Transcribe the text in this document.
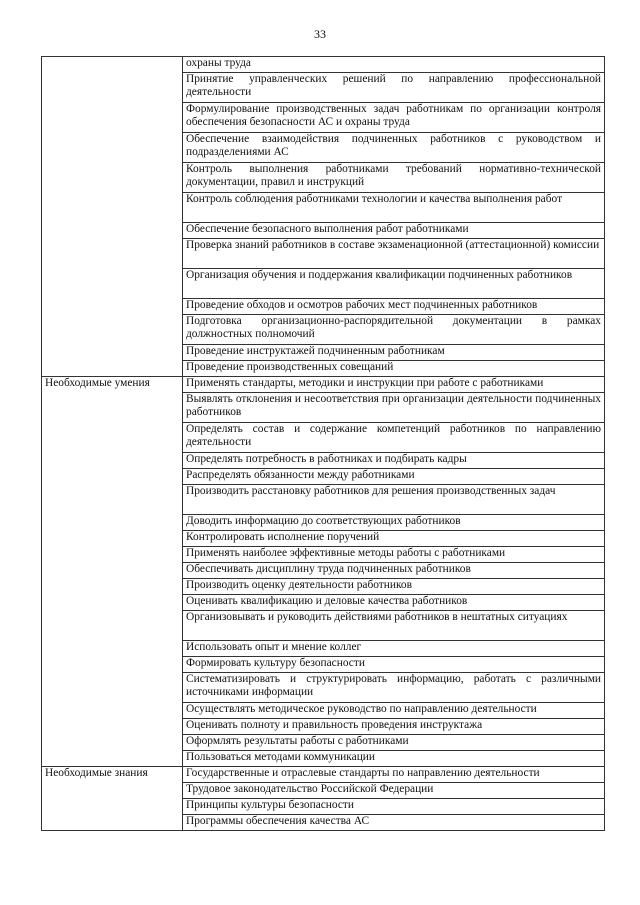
33
	охраны труда
	Принятие управленческих решений по направлению профессиональной деятельности
	Формулирование производственных задач работникам по организации контроля обеспечения безопасности АС и охраны труда
	Обеспечение взаимодействия подчиненных работников с руководством и подразделениями АС
	Контроль выполнения работниками требований нормативно-технической документации, правил и инструкций
	Контроль соблюдения работниками технологии и качества выполнения работ
	Обеспечение безопасного выполнения работ работниками
	Проверка знаний работников в составе экзаменационной (аттестационной) комиссии
	Организация обучения и поддержания квалификации подчиненных работников
	Проведение обходов и осмотров рабочих мест подчиненных работников
	Подготовка организационно-распорядительной документации в рамках должностных полномочий
	Проведение инструктажей подчиненным работникам
	Проведение производственных совещаний
Необходимые умения	Применять стандарты, методики и инструкции при работе с работниками
	Выявлять отклонения и несоответствия при организации деятельности подчиненных работников
	Определять состав и содержание компетенций работников по направлению деятельности
	Определять потребность в работниках и подбирать кадры
	Распределять обязанности между работниками
	Производить расстановку работников для решения производственных задач
	Доводить информацию до соответствующих работников
	Контролировать исполнение поручений
	Применять наиболее эффективные методы работы с работниками
	Обеспечивать дисциплину труда подчиненных работников
	Производить оценку деятельности работников
	Оценивать квалификацию и деловые качества работников
	Организовывать и руководить действиями работников в нештатных ситуациях
	Использовать опыт и мнение коллег
	Формировать культуру безопасности
	Систематизировать и структурировать информацию, работать с различными источниками информации
	Осуществлять методическое руководство по направлению деятельности
	Оценивать полноту и правильность проведения инструктажа
	Оформлять результаты работы с работниками
	Пользоваться методами коммуникации
Необходимые знания	Государственные и отраслевые стандарты по направлению деятельности
	Трудовое законодательство Российской Федерации
	Принципы культуры безопасности
	Программы обеспечения качества АС
